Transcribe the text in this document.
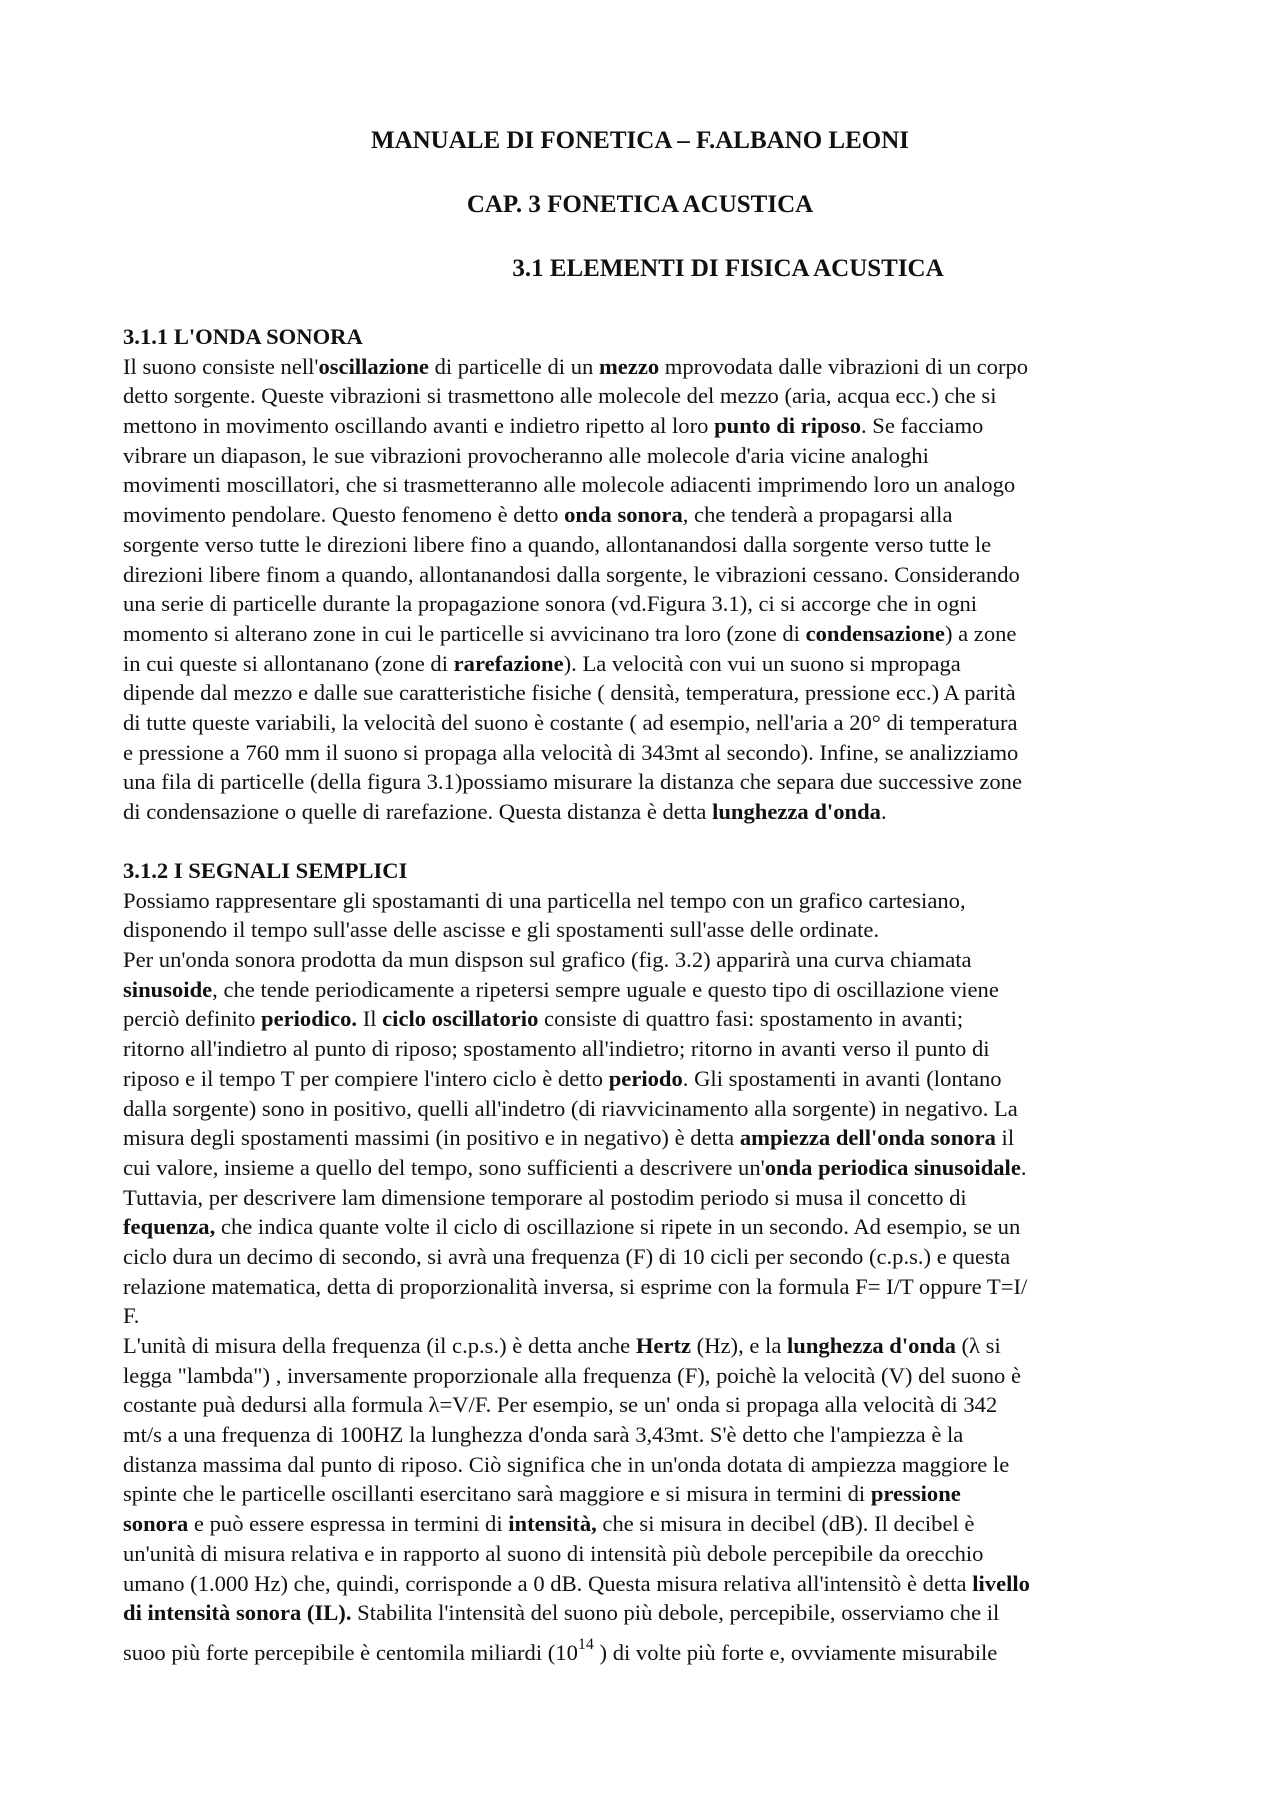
MANUALE DI FONETICA – F.ALBANO LEONI
CAP. 3 FONETICA ACUSTICA
3.1 ELEMENTI DI FISICA ACUSTICA
3.1.1 L'ONDA SONORA
Il suono consiste nell'oscillazione di particelle di un mezzo mprovodata dalle vibrazioni di un corpo
detto sorgente. Queste vibrazioni si trasmettono alle molecole del mezzo (aria, acqua ecc.) che si
mettono in movimento oscillando avanti e indietro ripetto al loro punto di riposo. Se facciamo
vibrare un diapason, le sue vibrazioni provocheranno alle molecole d'aria vicine analoghi
movimenti moscillatori, che si trasmetteranno alle molecole adiacenti imprimendo loro un analogo
movimento pendolare. Questo fenomeno è detto onda sonora, che tenderà a propagarsi alla
sorgente verso tutte le direzioni libere fino a quando, allontanandosi dalla sorgente verso tutte le
direzioni libere finom a quando, allontanandosi dalla sorgente, le vibrazioni cessano. Considerando
una serie di particelle durante la propagazione sonora (vd.Figura 3.1), ci si accorge che in ogni
momento si alterano zone in cui le particelle si avvicinano tra loro (zone di condensazione) a zone
in cui queste si allontanano (zone di rarefazione). La velocità con vui un suono si mpropaga
dipende dal mezzo e dalle sue caratteristiche fisiche ( densità, temperatura, pressione ecc.) A parità
di tutte queste variabili, la velocità del suono è costante ( ad esempio, nell'aria a 20° di temperatura
e pressione a 760 mm il suono si propaga alla velocità di 343mt al secondo). Infine, se analizziamo
una fila di particelle (della figura 3.1)possiamo misurare la distanza che separa due successive zone
di condensazione o quelle di rarefazione. Questa distanza è detta lunghezza d'onda.
3.1.2 I SEGNALI SEMPLICI
Possiamo rappresentare gli spostamanti di una particella nel tempo con un grafico cartesiano,
disponendo il tempo sull'asse delle ascisse e gli spostamenti sull'asse delle ordinate.
Per un'onda sonora prodotta da mun dispson sul grafico (fig. 3.2) apparirà una curva chiamata
sinusoide, che tende periodicamente a ripetersi sempre uguale e questo tipo di oscillazione viene
perciò definito periodico. Il ciclo oscillatorio consiste di quattro fasi: spostamento in avanti;
ritorno all'indietro al punto di riposo; spostamento all'indietro; ritorno in avanti verso il punto di
riposo e il tempo T per compiere l'intero ciclo è detto periodo. Gli spostamenti in avanti (lontano
dalla sorgente) sono in positivo, quelli all'indetro (di riavvicinamento alla sorgente) in negativo. La
misura degli spostamenti massimi (in positivo e in negativo) è detta ampiezza dell'onda sonora il
cui valore, insieme a quello del tempo, sono sufficienti a descrivere un'onda periodica sinusoidale.
Tuttavia, per descrivere lam dimensione temporare al postodim periodo si musa il concetto di
fequenza, che indica quante volte il ciclo di oscillazione si ripete in un secondo. Ad esempio, se un
ciclo dura un decimo di secondo, si avrà una frequenza (F) di 10 cicli per secondo (c.p.s.) e questa
relazione matematica, detta di proporzionalità inversa, si esprime con la formula F= I/T oppure T=I/
F.
L'unità di misura della frequenza (il c.p.s.) è detta anche Hertz (Hz), e la lunghezza d'onda (λ si
legga "lambda") , inversamente proporzionale alla frequenza (F), poichè la velocità (V) del suono è
costante puà dedursi alla formula λ=V/F. Per esempio, se un' onda si propaga alla velocità di 342
mt/s a una frequenza di 100HZ la lunghezza d'onda sarà 3,43mt. S'è detto che l'ampiezza è la
distanza massima dal punto di riposo. Ciò significa che in un'onda dotata di ampiezza maggiore le
spinte che le particelle oscillanti esercitano sarà maggiore e si misura in termini di pressione
sonora e può essere espressa in termini di intensità, che si misura in decibel (dB). Il decibel è
un'unità di misura relativa e in rapporto al suono di intensità più debole percepibile da orecchio
umano (1.000 Hz) che, quindi, corrisponde a 0 dB. Questa misura relativa all'intensitò è detta livello
di intensità sonora (IL). Stabilita l'intensità del suono più debole, percepibile, osserviamo che il
suoo più forte percepibile è centomila miliardi ($10^{14}$ ) di volte più forte e, ovviamente misurabile
